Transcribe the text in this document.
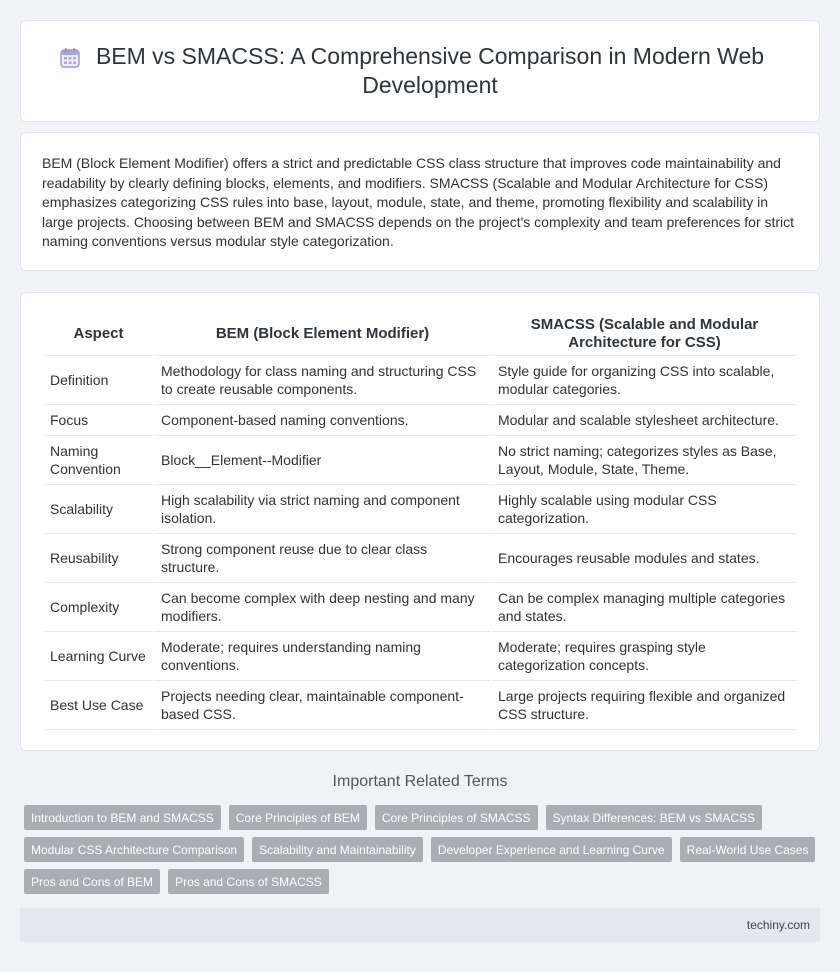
BEM vs SMACSS: A Comprehensive Comparison in Modern Web Development

BEM (Block Element Modifier) offers a strict and predictable CSS class structure that improves code maintainability and readability by clearly defining blocks, elements, and modifiers. SMACSS (Scalable and Modular Architecture for CSS) emphasizes categorizing CSS rules into base, layout, module, state, and theme, promoting flexibility and scalability in large projects. Choosing between BEM and SMACSS depends on the project's complexity and team preferences for strict naming conventions versus modular style categorization.

Aspect	BEM (Block Element Modifier)	SMACSS (Scalable and Modular Architecture for CSS)
Definition	Methodology for class naming and structuring CSS to create reusable components.	Style guide for organizing CSS into scalable, modular categories.
Focus	Component-based naming conventions.	Modular and scalable stylesheet architecture.
Naming Convention	Block__Element--Modifier	No strict naming; categorizes styles as Base, Layout, Module, State, Theme.
Scalability	High scalability via strict naming and component isolation.	Highly scalable using modular CSS categorization.
Reusability	Strong component reuse due to clear class structure.	Encourages reusable modules and states.
Complexity	Can become complex with deep nesting and many modifiers.	Can be complex managing multiple categories and states.
Learning Curve	Moderate; requires understanding naming conventions.	Moderate; requires grasping style categorization concepts.
Best Use Case	Projects needing clear, maintainable component-based CSS.	Large projects requiring flexible and organized CSS structure.
Important Related Terms
Introduction to BEM and SMACSS	Core Principles of BEM	Core Principles of SMACSS	Syntax Differences: BEM vs SMACSS
Modular CSS Architecture Comparison	Scalability and Maintainability	Developer Experience and Learning Curve	Real-World Use Cases
Pros and Cons of BEM	Pros and Cons of SMACSS
techiny.com
